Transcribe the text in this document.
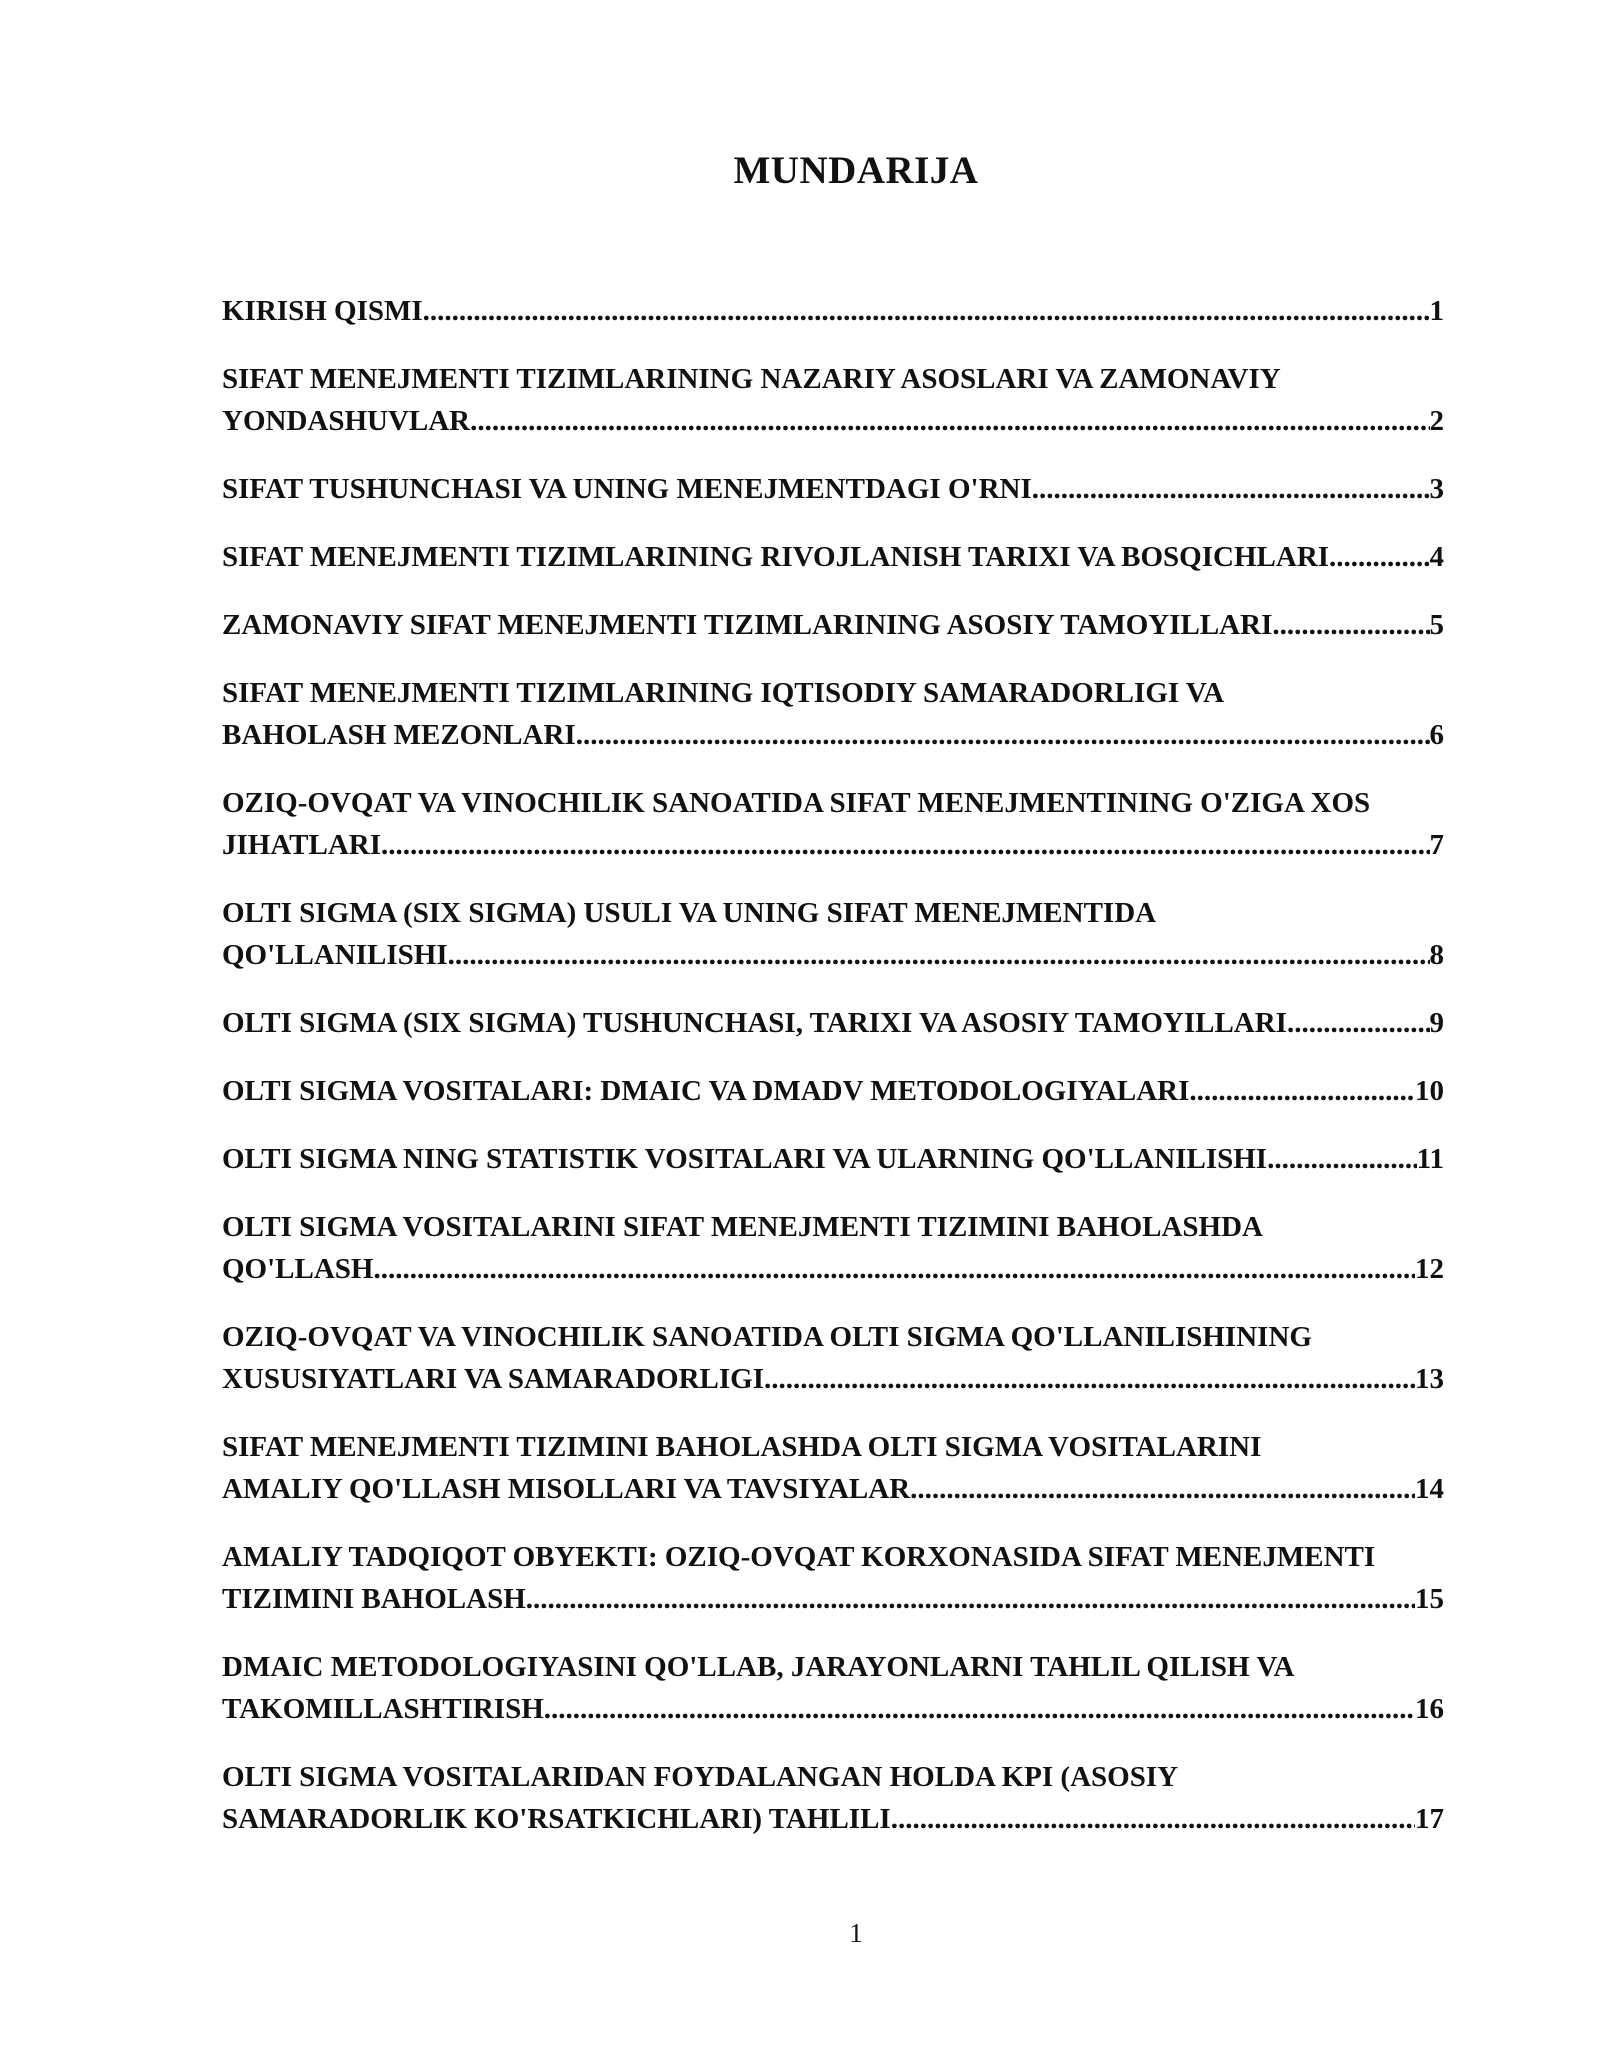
MUNDARIJA
KIRISH QISMI .....	1
SIFAT MENEJMENTI TIZIMLARINING NAZARIY ASOSLARI VA ZAMONAVIY
YONDASHUVLAR .....	2
SIFAT TUSHUNCHASI VA UNING MENEJMENTDAGI O'RNI .....	3
SIFAT MENEJMENTI TIZIMLARINING RIVOJLANISH TARIXI VA BOSQICHLARI .....	4
ZAMONAVIY SIFAT MENEJMENTI TIZIMLARINING ASOSIY TAMOYILLARI .....	5
SIFAT MENEJMENTI TIZIMLARINING IQTISODIY SAMARADORLIGI VA
BAHOLASH MEZONLARI .....	6
OZIQ-OVQAT VA VINOCHILIK SANOATIDA SIFAT MENEJMENTINING O'ZIGA XOS
JIHATLARI .....	7
OLTI SIGMA (SIX SIGMA) USULI VA UNING SIFAT MENEJMENTIDA
QO'LLANILISHI .....	8
OLTI SIGMA (SIX SIGMA) TUSHUNCHASI, TARIXI VA ASOSIY TAMOYILLARI .....	9
OLTI SIGMA VOSITALARI: DMAIC VA DMADV METODOLOGIYALARI .....	10
OLTI SIGMA NING STATISTIK VOSITALARI VA ULARNING QO'LLANILISHI .....	11
OLTI SIGMA VOSITALARINI SIFAT MENEJMENTI TIZIMINI BAHOLASHDA
QO'LLASH .....	12
OZIQ-OVQAT VA VINOCHILIK SANOATIDA OLTI SIGMA QO'LLANILISHINING
XUSUSIYATLARI VA SAMARADORLIGI .....	13
SIFAT MENEJMENTI TIZIMINI BAHOLASHDA OLTI SIGMA VOSITALARINI
AMALIY QO'LLASH MISOLLARI VA TAVSIYALAR .....	14
AMALIY TADQIQOT OBYEKTI: OZIQ-OVQAT KORXONASIDA SIFAT MENEJMENTI
TIZIMINI BAHOLASH .....	15
DMAIC METODOLOGIYASINI QO'LLAB, JARAYONLARNI TAHLIL QILISH VA
TAKOMILLASHTIRISH .....	16
OLTI SIGMA VOSITALARIDAN FOYDALANGAN HOLDA KPI (ASOSIY
SAMARADORLIK KO'RSATKICHLARI) TAHLILI .....	17
1
